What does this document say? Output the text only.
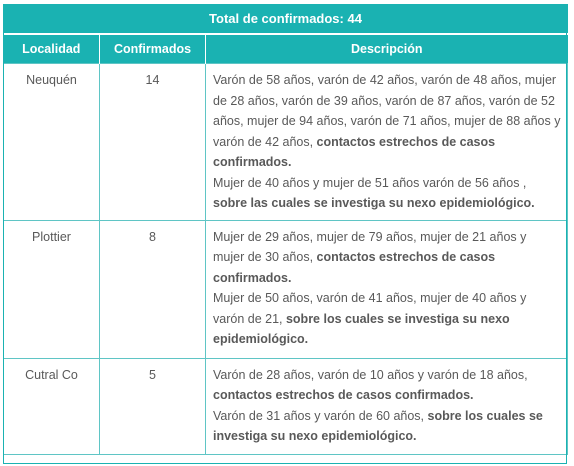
Total de confirmados: 44		
Localidad	Confirmados	Descripción
Neuquén	14	Varón de 58 años, varón de 42 años, varón de 48 años, mujer de 28 años, varón de 39 años, varón de 87 años, varón de 52 años, mujer de 94 años, varón de 71 años, mujer de 88 años y varón de 42 años, contactos estrechos de casos confirmados.
Mujer de 40 años y mujer de 51 años varón de 56 años , sobre las cuales se investiga su nexo epidemiológico.
Plottier	8	Mujer de 29 años, mujer de 79 años, mujer de 21 años y mujer de 30 años, contactos estrechos de casos confirmados.
Mujer de 50 años, varón de 41 años, mujer de 40 años y varón de 21, sobre los cuales se investiga su nexo epidemiológico.
Cutral Co	5	Varón de 28 años, varón de 10 años y varón de 18 años, contactos estrechos de casos confirmados.
Varón de 31 años y varón de 60 años, sobre los cuales se investiga su nexo epidemiológico.
